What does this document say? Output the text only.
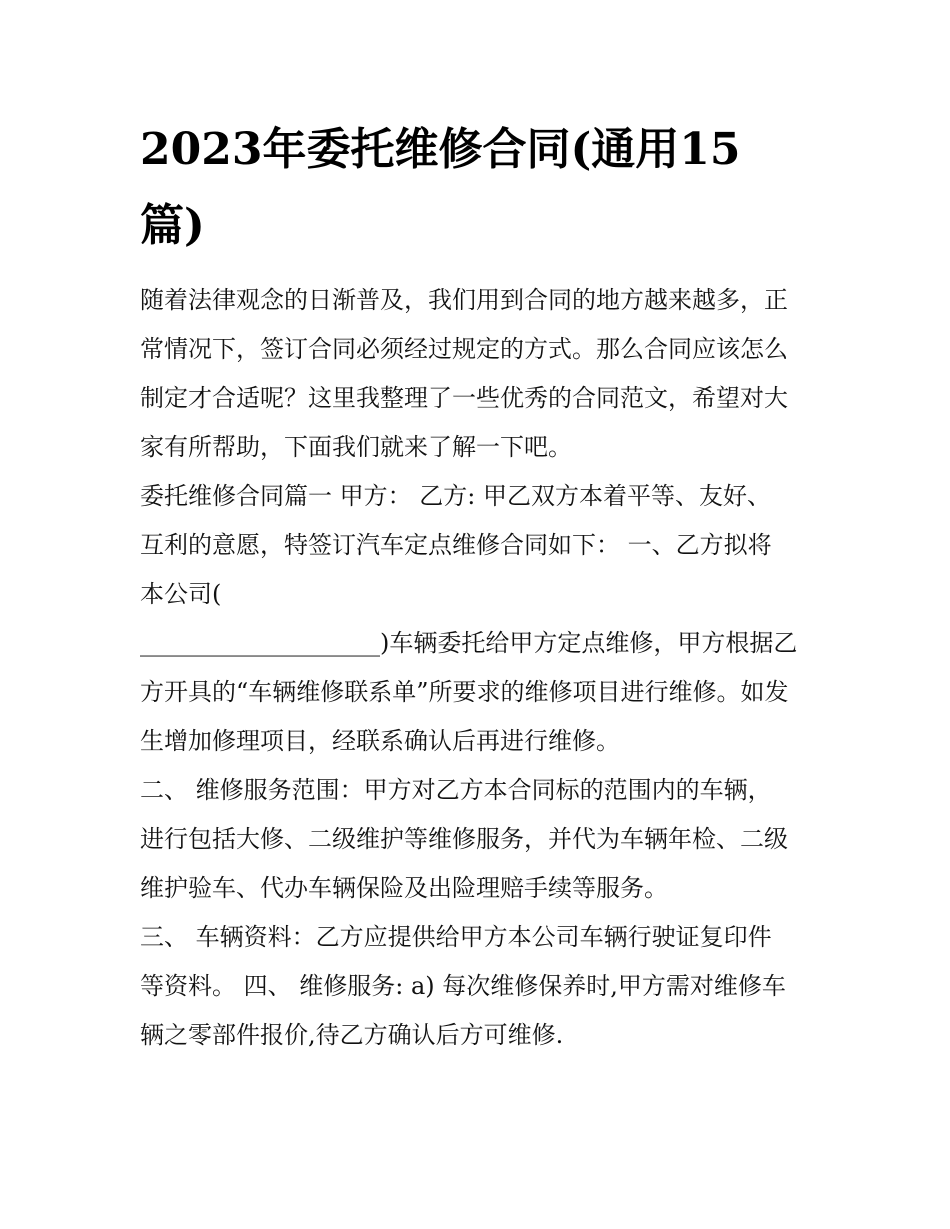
2023年委托维修合同(通用15
篇)

随着法律观念的日渐普及，我们用到合同的地方越来越多，正
常情况下，签订合同必须经过规定的方式。那么合同应该怎么
制定才合适呢？这里我整理了一些优秀的合同范文，希望对大
家有所帮助，下面我们就来了解一下吧。

委托维修合同篇一 甲方： 乙方: 甲乙双方本着平等、友好、
互利的意愿，特签订汽车定点维修合同如下： 一、乙方拟将
本公司(
____________________)车辆委托给甲方定点维修，甲方根据乙
方开具的“车辆维修联系单”所要求的维修项目进行维修。如发
生增加修理项目，经联系确认后再进行维修。

二、 维修服务范围：甲方对乙方本合同标的范围内的车辆，
进行包括大修、二级维护等维修服务，并代为车辆年检、二级
维护验车、代办车辆保险及出险理赔手续等服务。

三、 车辆资料：乙方应提供给甲方本公司车辆行驶证复印件
等资料。 四、 维修服务: a) 每次维修保养时,甲方需对维修车
辆之零部件报价,待乙方确认后方可维修.
